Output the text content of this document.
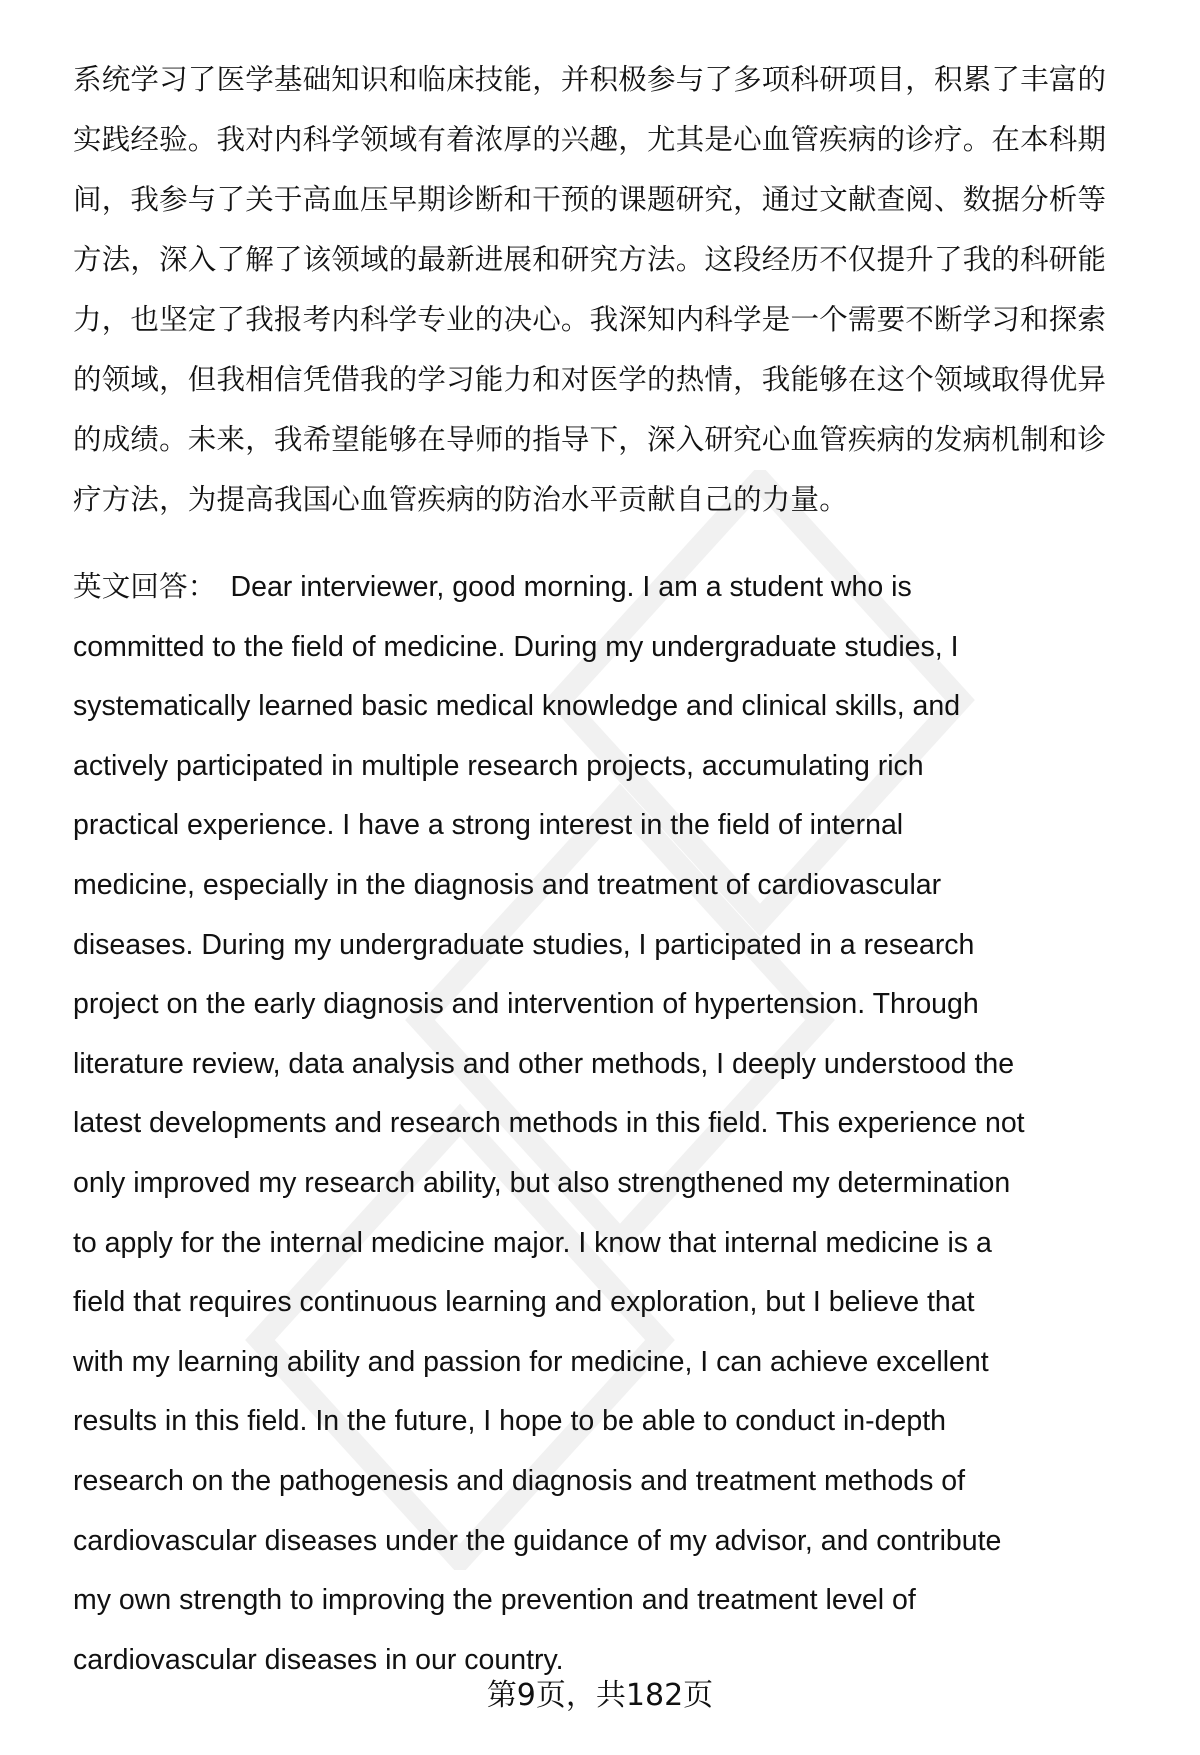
系统学习了医学基础知识和临床技能，并积极参与了多项科研项目，积累了丰富的
实践经验。我对内科学领域有着浓厚的兴趣，尤其是心血管疾病的诊疗。在本科期
间，我参与了关于高血压早期诊断和干预的课题研究，通过文献查阅、数据分析等
方法，深入了解了该领域的最新进展和研究方法。这段经历不仅提升了我的科研能
力，也坚定了我报考内科学专业的决心。我深知内科学是一个需要不断学习和探索
的领域，但我相信凭借我的学习能力和对医学的热情，我能够在这个领域取得优异
的成绩。未来，我希望能够在导师的指导下，深入研究心血管疾病的发病机制和诊
疗方法，为提高我国心血管疾病的防治水平贡献自己的力量。
英文回答： Dear interviewer, good morning. I am a student who is
committed to the field of medicine. During my undergraduate studies, I
systematically learned basic medical knowledge and clinical skills, and
actively participated in multiple research projects, accumulating rich
practical experience. I have a strong interest in the field of internal
medicine, especially in the diagnosis and treatment of cardiovascular
diseases. During my undergraduate studies, I participated in a research
project on the early diagnosis and intervention of hypertension. Through
literature review, data analysis and other methods, I deeply understood the
latest developments and research methods in this field. This experience not
only improved my research ability, but also strengthened my determination
to apply for the internal medicine major. I know that internal medicine is a
field that requires continuous learning and exploration, but I believe that
with my learning ability and passion for medicine, I can achieve excellent
results in this field. In the future, I hope to be able to conduct in-depth
research on the pathogenesis and diagnosis and treatment methods of
cardiovascular diseases under the guidance of my advisor, and contribute
my own strength to improving the prevention and treatment level of
cardiovascular diseases in our country.
第9页，共182页
